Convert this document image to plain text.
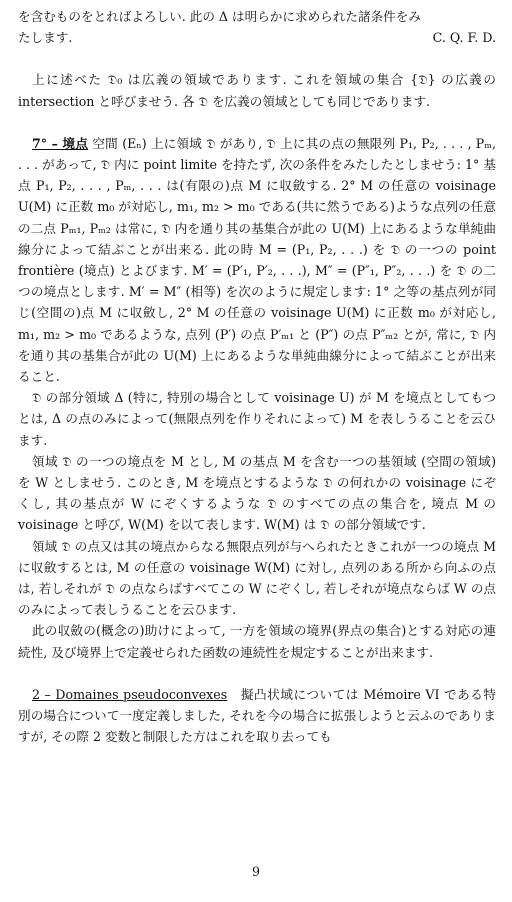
を含むものをとればよろしい. 此の Δ は明らかに求められた諸条件をみ

たします.	C. Q. F. D.

上に述べた 𝔇₀ は広義の領域であります. これを領域の集合 {𝔇} の広義の intersection と呼びませう. 各 𝔇 を広義の領域としても同じであります.

7° – 境点 空間 (Eₙ) 上に領域 𝔇 があり, 𝔇 上に其の点の無限列 P₁, P₂, . . . , Pₘ, . . . があって, 𝔇 内に point limite を持たず, 次の条件をみたしたとしませう: 1° 基点 P₁, P₂, . . . , Pₘ, . . . は(有限の)点 M に収斂する. 2° M の任意の voisinage U(M) に正数 m₀ が対応し, m₁, m₂ > m₀ である(共に然うである)ような点列の任意の二点 Pₘ₁, Pₘ₂ は常に, 𝔇 内を通り其の基集合が此の U(M) 上にあるような単純曲線分によって結ぶことが出来る. 此の時 M = (P₁, P₂, . . .) を 𝔇 の一つの point frontière (境点) とよびます. M′ = (P′₁, P′₂, . . .), M″ = (P″₁, P″₂, . . .) を 𝔇 の二つの境点とします. M′ = M″ (相等) を次のように規定します: 1° 之等の基点列が同じ(空間の)点 M に収斂し, 2° M の任意の voisinage U(M) に正数 m₀ が対応し, m₁, m₂ > m₀ であるような, 点列 (P′) の点 P′ₘ₁ と (P″) の点 P″ₘ₂ とが, 常に, 𝔇 内を通り其の基集合が此の U(M) 上にあるような単純曲線分によって結ぶことが出来ること.

𝔇 の部分領域 Δ (特に, 特別の場合として voisinage U) が M を境点としてもつとは, Δ の点のみによって(無限点列を作りそれによって) M を表しうることを云ひます.

領域 𝔇 の一つの境点を M とし, M の基点 M を含む一つの基領域 (空間の領域) を W としませう. このとき, M を境点とするような 𝔇 の何れかの voisinage にぞくし, 其の基点が W にぞくするような 𝔇 のすべての点の集合を, 境点 M の voisinage と呼び, W(M) を以て表します. W(M) は 𝔇 の部分領域です.

領域 𝔇 の点又は其の境点からなる無限点列が与へられたときこれが一つの境点 M に収斂するとは, M の任意の voisinage W(M) に対し, 点列のある所から向ふの点は, 若しそれが 𝔇 の点ならばすべてこの W にぞくし, 若しそれが境点ならば W の点のみによって表しうることを云ひます.

此の収斂の(概念の)助けによって, 一方を領域の境界(界点の集合)とする対応の連続性, 及び境界上で定義せられた函数の連続性を規定することが出来ます.

2 – Domaines pseudoconvexes　 擬凸状域については Mémoire VI である特別の場合について一度定義しました, それを今の場合に拡張しようと云ふのでありますが, その際 2 変数と制限した方はこれを取り去っても

9
